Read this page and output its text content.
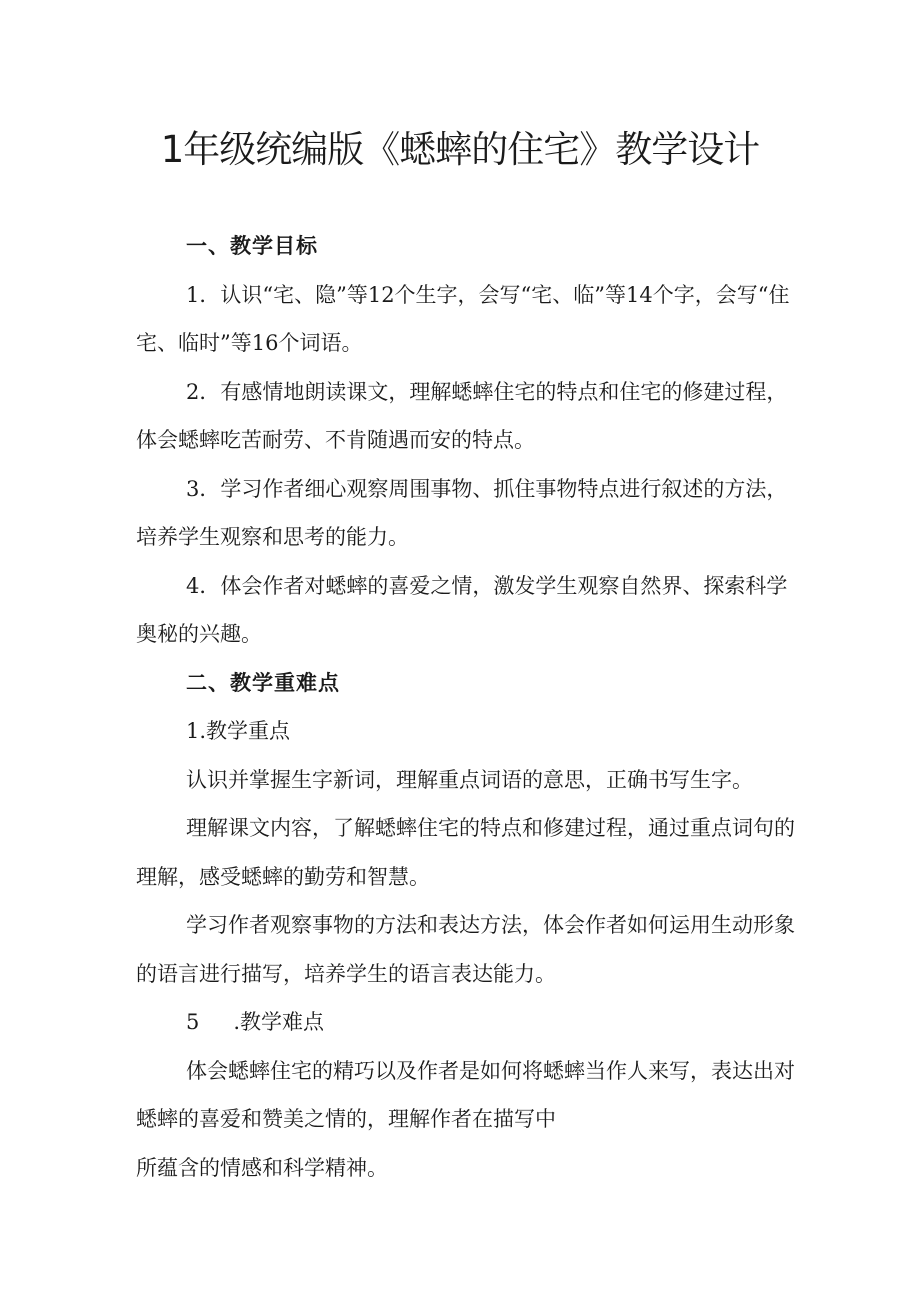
1年级统编版《蟋蟀的住宅》教学设计

一、教学目标

1．认识“宅、隐”等12个生字，会写“宅、临”等14个字，会写“住宅、临时”等16个词语。

2．有感情地朗读课文，理解蟋蟀住宅的特点和住宅的修建过程，体会蟋蟀吃苦耐劳、不肯随遇而安的特点。

3．学习作者细心观察周围事物、抓住事物特点进行叙述的方法，培养学生观察和思考的能力。

4．体会作者对蟋蟀的喜爱之情，激发学生观察自然界、探索科学奥秘的兴趣。

二、教学重难点

1.教学重点

认识并掌握生字新词，理解重点词语的意思，正确书写生字。

理解课文内容，了解蟋蟀住宅的特点和修建过程，通过重点词句的理解，感受蟋蟀的勤劳和智慧。

学习作者观察事物的方法和表达方法，体会作者如何运用生动形象的语言进行描写，培养学生的语言表达能力。

5 .教学难点

体会蟋蟀住宅的精巧以及作者是如何将蟋蟀当作人来写，表达出对蟋蟀的喜爱和赞美之情的，理解作者在描写中

所蕴含的情感和科学精神。
